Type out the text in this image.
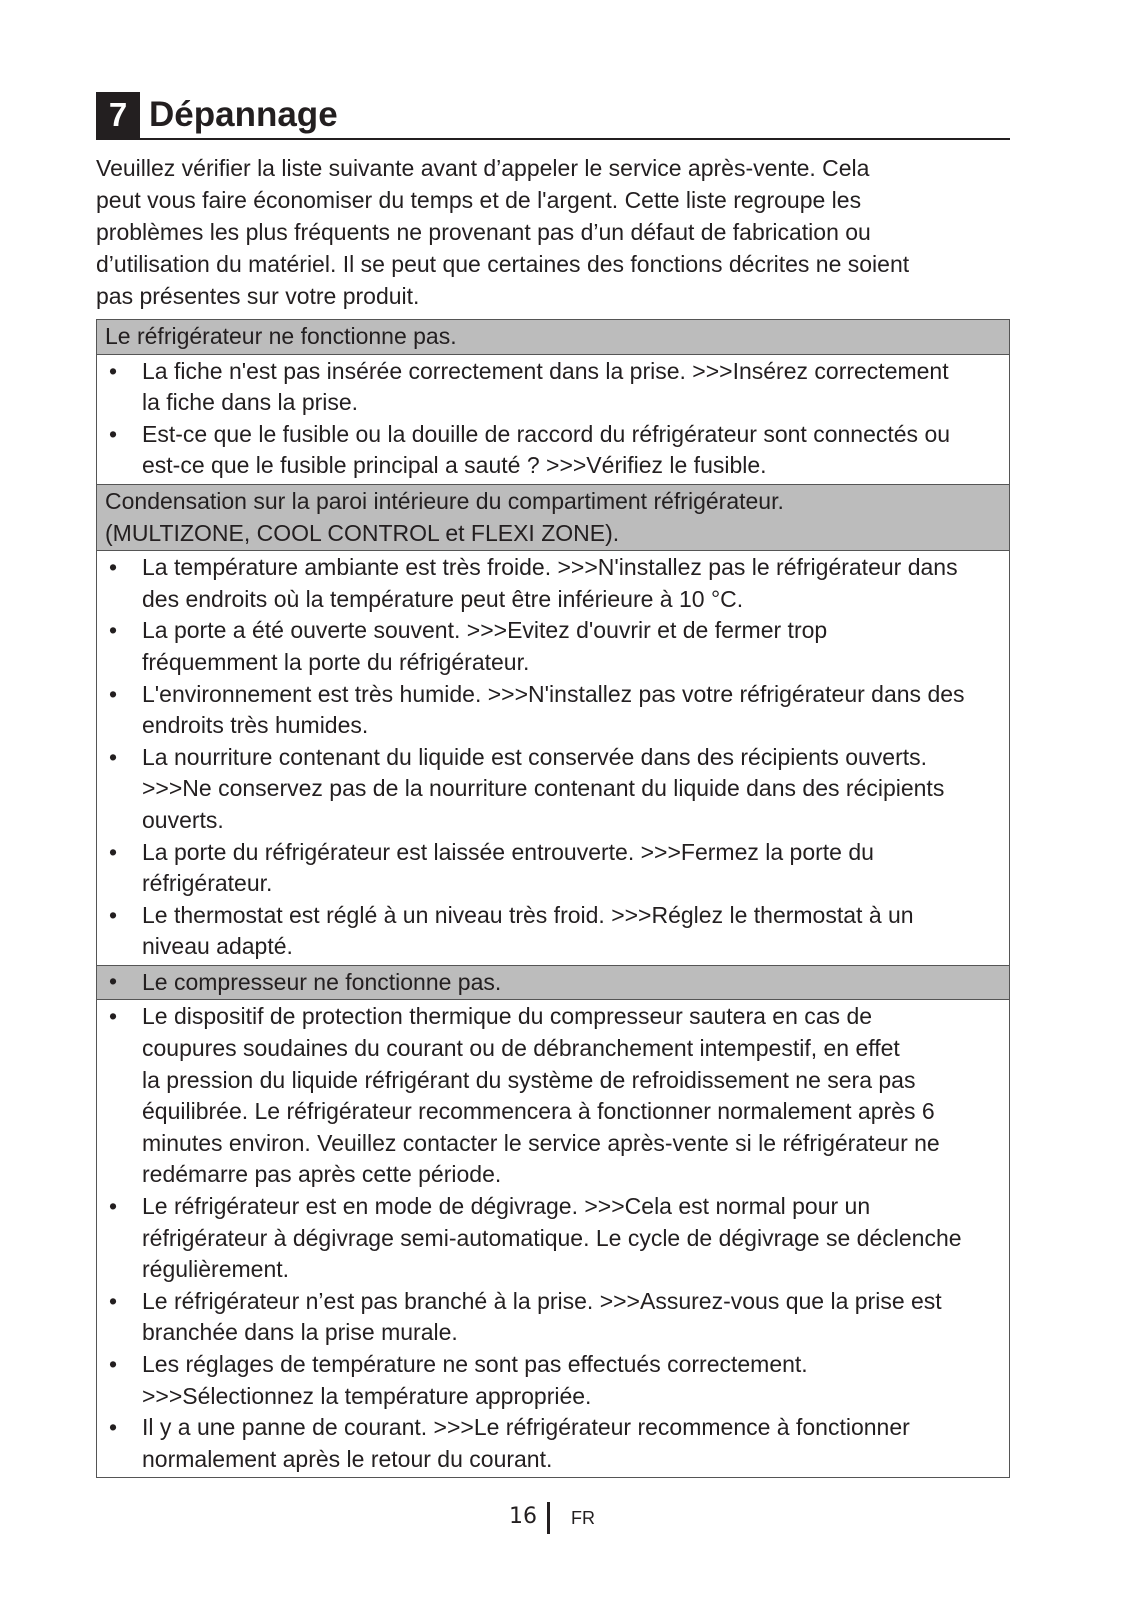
7 Dépannage
Veuillez vérifier la liste suivante avant d’appeler le service après-vente. Cela
peut vous faire économiser du temps et de l'argent. Cette liste regroupe les
problèmes les plus fréquents ne provenant pas d’un défaut de fabrication ou
d’utilisation du matériel. Il se peut que certaines des fonctions décrites ne soient
pas présentes sur votre produit.
Le réfrigérateur ne fonctionne pas.
• La fiche n'est pas insérée correctement dans la prise. >>>Insérez correctement
la fiche dans la prise.
• Est-ce que le fusible ou la douille de raccord du réfrigérateur sont connectés ou
est-ce que le fusible principal a sauté ? >>>Vérifiez le fusible.
Condensation sur la paroi intérieure du compartiment réfrigérateur.
(MULTIZONE, COOL CONTROL et FLEXI ZONE).
• La température ambiante est très froide. >>>N'installez pas le réfrigérateur dans
des endroits où la température peut être inférieure à 10 °C.
• La porte a été ouverte souvent. >>>Evitez d'ouvrir et de fermer trop
fréquemment la porte du réfrigérateur.
• L'environnement est très humide. >>>N'installez pas votre réfrigérateur dans des
endroits très humides.
• La nourriture contenant du liquide est conservée dans des récipients ouverts.
>>>Ne conservez pas de la nourriture contenant du liquide dans des récipients
ouverts.
• La porte du réfrigérateur est laissée entrouverte. >>>Fermez la porte du
réfrigérateur.
• Le thermostat est réglé à un niveau très froid. >>>Réglez le thermostat à un
niveau adapté.
• Le compresseur ne fonctionne pas.
• Le dispositif de protection thermique du compresseur sautera en cas de
coupures soudaines du courant ou de débranchement intempestif, en effet
la pression du liquide réfrigérant du système de refroidissement ne sera pas
équilibrée. Le réfrigérateur recommencera à fonctionner normalement après 6
minutes environ. Veuillez contacter le service après-vente si le réfrigérateur ne
redémarre pas après cette période.
• Le réfrigérateur est en mode de dégivrage. >>>Cela est normal pour un
réfrigérateur à dégivrage semi-automatique. Le cycle de dégivrage se déclenche
régulièrement.
• Le réfrigérateur n’est pas branché à la prise. >>>Assurez-vous que la prise est
branchée dans la prise murale.
• Les réglages de température ne sont pas effectués correctement.
>>>Sélectionnez la température appropriée.
• Il y a une panne de courant. >>>Le réfrigérateur recommence à fonctionner
normalement après le retour du courant.
16 FR
